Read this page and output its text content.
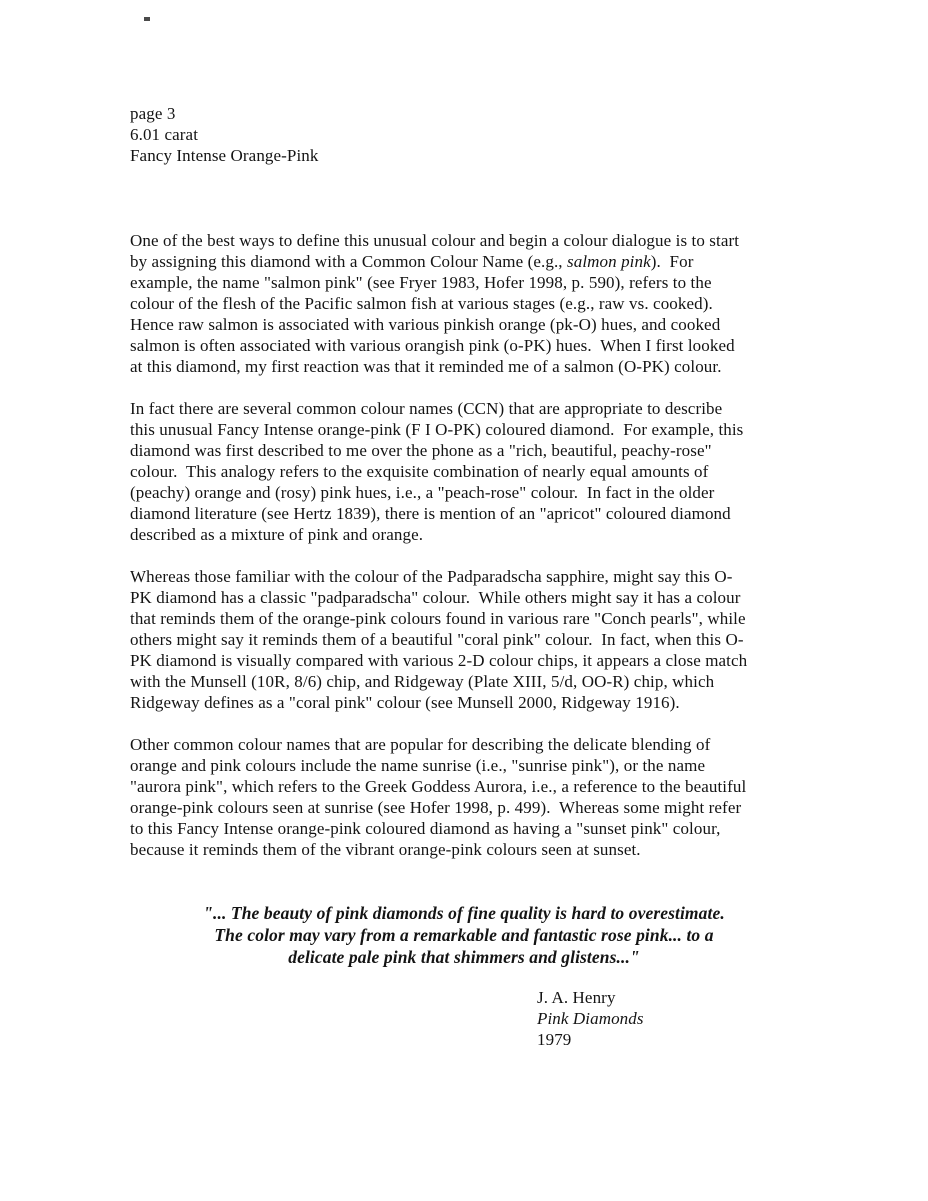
page 3
6.01 carat
Fancy Intense Orange-Pink
One of the best ways to define this unusual colour and begin a colour dialogue is to start
by assigning this diamond with a Common Colour Name (e.g., salmon pink).  For
example, the name "salmon pink" (see Fryer 1983, Hofer 1998, p. 590), refers to the
colour of the flesh of the Pacific salmon fish at various stages (e.g., raw vs. cooked).
Hence raw salmon is associated with various pinkish orange (pk-O) hues, and cooked
salmon is often associated with various orangish pink (o-PK) hues.  When I first looked
at this diamond, my first reaction was that it reminded me of a salmon (O-PK) colour.
In fact there are several common colour names (CCN) that are appropriate to describe
this unusual Fancy Intense orange-pink (F I O-PK) coloured diamond.  For example, this
diamond was first described to me over the phone as a "rich, beautiful, peachy-rose"
colour.  This analogy refers to the exquisite combination of nearly equal amounts of
(peachy) orange and (rosy) pink hues, i.e., a "peach-rose" colour.  In fact in the older
diamond literature (see Hertz 1839), there is mention of an "apricot" coloured diamond
described as a mixture of pink and orange.
Whereas those familiar with the colour of the Padparadscha sapphire, might say this O-
PK diamond has a classic "padparadscha" colour.  While others might say it has a colour
that reminds them of the orange-pink colours found in various rare "Conch pearls", while
others might say it reminds them of a beautiful "coral pink" colour.  In fact, when this O-
PK diamond is visually compared with various 2-D colour chips, it appears a close match
with the Munsell (10R, 8/6) chip, and Ridgeway (Plate XIII, 5/d, OO-R) chip, which
Ridgeway defines as a "coral pink" colour (see Munsell 2000, Ridgeway 1916).
Other common colour names that are popular for describing the delicate blending of
orange and pink colours include the name sunrise (i.e., "sunrise pink"), or the name
"aurora pink", which refers to the Greek Goddess Aurora, i.e., a reference to the beautiful
orange-pink colours seen at sunrise (see Hofer 1998, p. 499).  Whereas some might refer
to this Fancy Intense orange-pink coloured diamond as having a "sunset pink" colour,
because it reminds them of the vibrant orange-pink colours seen at sunset.
"... The beauty of pink diamonds of fine quality is hard to overestimate.
The color may vary from a remarkable and fantastic rose pink... to a
delicate pale pink that shimmers and glistens..."
J. A. Henry
Pink Diamonds
1979
